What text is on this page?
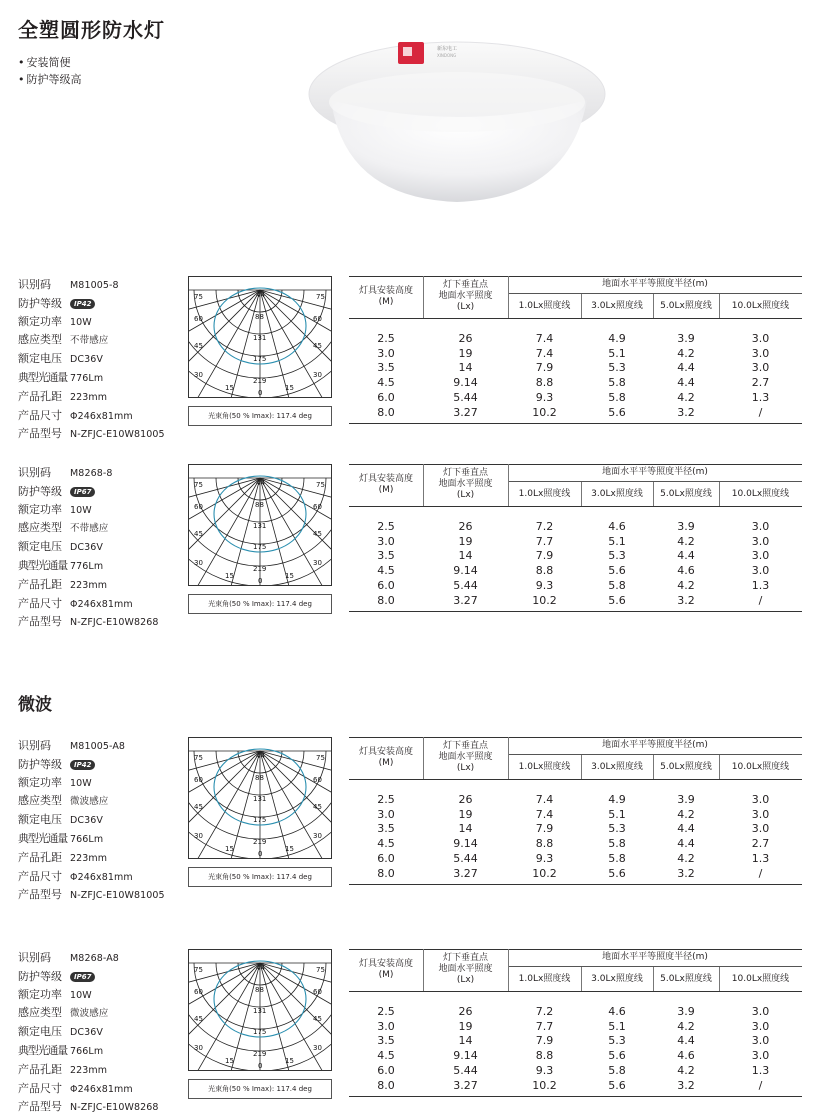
全塑圆形防水灯
• 安装简便
• 防护等级高
新东电工
XINDONG
微波
识别码 M81005-8
防护等级 IP42
额定功率 10W
感应类型 不带感应
额定电压 DC36V
典型光通量 776Lm
产品孔距 223mm
产品尺寸 Φ246x81mm
产品型号 N-ZFJC-E10W81005
75	75
60	60
45	45
30	30
15	15
0
44
88
131
175
219
光束角(50 % Imax): 117.4 deg
灯具安装高度
(M)
灯下垂直点
地面水平照度
(Lx)
地面水平平等照度半径(m)
1.0Lx照度线	3.0Lx照度线	5.0Lx照度线	10.0Lx照度线
2.5	26	7.4	4.9	3.9	3.0
3.0	19	7.4	5.1	4.2	3.0
3.5	14	7.9	5.3	4.4	3.0
4.5	9.14	8.8	5.8	4.4	2.7
6.0	5.44	9.3	5.8	4.2	1.3
8.0	3.27	10.2	5.6	3.2	/
识别码 M8268-8
防护等级 IP67
额定功率 10W
感应类型 不带感应
额定电压 DC36V
典型光通量 776Lm
产品孔距 223mm
产品尺寸 Φ246x81mm
产品型号 N-ZFJC-E10W8268
75	75
60	60
45	45
30	30
15	15
0
44
88
131
175
219
光束角(50 % Imax): 117.4 deg
灯具安装高度
(M)
灯下垂直点
地面水平照度
(Lx)
地面水平平等照度半径(m)
1.0Lx照度线	3.0Lx照度线	5.0Lx照度线	10.0Lx照度线
2.5	26	7.2	4.6	3.9	3.0
3.0	19	7.7	5.1	4.2	3.0
3.5	14	7.9	5.3	4.4	3.0
4.5	9.14	8.8	5.6	4.6	3.0
6.0	5.44	9.3	5.8	4.2	1.3
8.0	3.27	10.2	5.6	3.2	/
识别码 M81005-A8
防护等级 IP42
额定功率 10W
感应类型 微波感应
额定电压 DC36V
典型光通量 766Lm
产品孔距 223mm
产品尺寸 Φ246x81mm
产品型号 N-ZFJC-E10W81005
75	75
60	60
45	45
30	30
15	15
0
44
88
131
175
219
光束角(50 % Imax): 117.4 deg
灯具安装高度
(M)
灯下垂直点
地面水平照度
(Lx)
地面水平平等照度半径(m)
1.0Lx照度线	3.0Lx照度线	5.0Lx照度线	10.0Lx照度线
2.5	26	7.4	4.9	3.9	3.0
3.0	19	7.4	5.1	4.2	3.0
3.5	14	7.9	5.3	4.4	3.0
4.5	9.14	8.8	5.8	4.4	2.7
6.0	5.44	9.3	5.8	4.2	1.3
8.0	3.27	10.2	5.6	3.2	/
识别码 M8268-A8
防护等级 IP67
额定功率 10W
感应类型 微波感应
额定电压 DC36V
典型光通量 766Lm
产品孔距 223mm
产品尺寸 Φ246x81mm
产品型号 N-ZFJC-E10W8268
75	75
60	60
45	45
30	30
15	15
0
44
88
131
175
219
光束角(50 % Imax): 117.4 deg
灯具安装高度
(M)
灯下垂直点
地面水平照度
(Lx)
地面水平平等照度半径(m)
1.0Lx照度线	3.0Lx照度线	5.0Lx照度线	10.0Lx照度线
2.5	26	7.2	4.6	3.9	3.0
3.0	19	7.7	5.1	4.2	3.0
3.5	14	7.9	5.3	4.4	3.0
4.5	9.14	8.8	5.6	4.6	3.0
6.0	5.44	9.3	5.8	4.2	1.3
8.0	3.27	10.2	5.6	3.2	/
